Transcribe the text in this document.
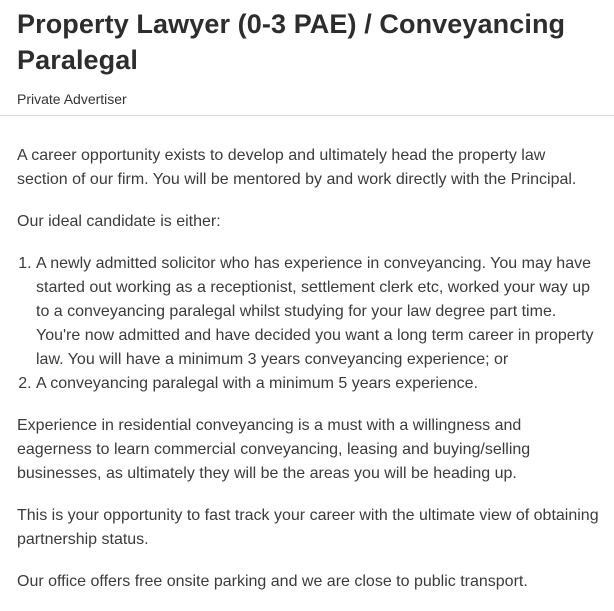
Property Lawyer (0-3 PAE) / Conveyancing Paralegal
Private Advertiser

A career opportunity exists to develop and ultimately head the property law section of our firm. You will be mentored by and work directly with the Principal.

Our ideal candidate is either:

1. A newly admitted solicitor who has experience in conveyancing. You may have started out working as a receptionist, settlement clerk etc, worked your way up to a conveyancing paralegal whilst studying for your law degree part time. You're now admitted and have decided you want a long term career in property law. You will have a minimum 3 years conveyancing experience; or
2. A conveyancing paralegal with a minimum 5 years experience.

Experience in residential conveyancing is a must with a willingness and eagerness to learn commercial conveyancing, leasing and buying/selling businesses, as ultimately they will be the areas you will be heading up.

This is your opportunity to fast track your career with the ultimate view of obtaining partnership status.

Our office offers free onsite parking and we are close to public transport.
